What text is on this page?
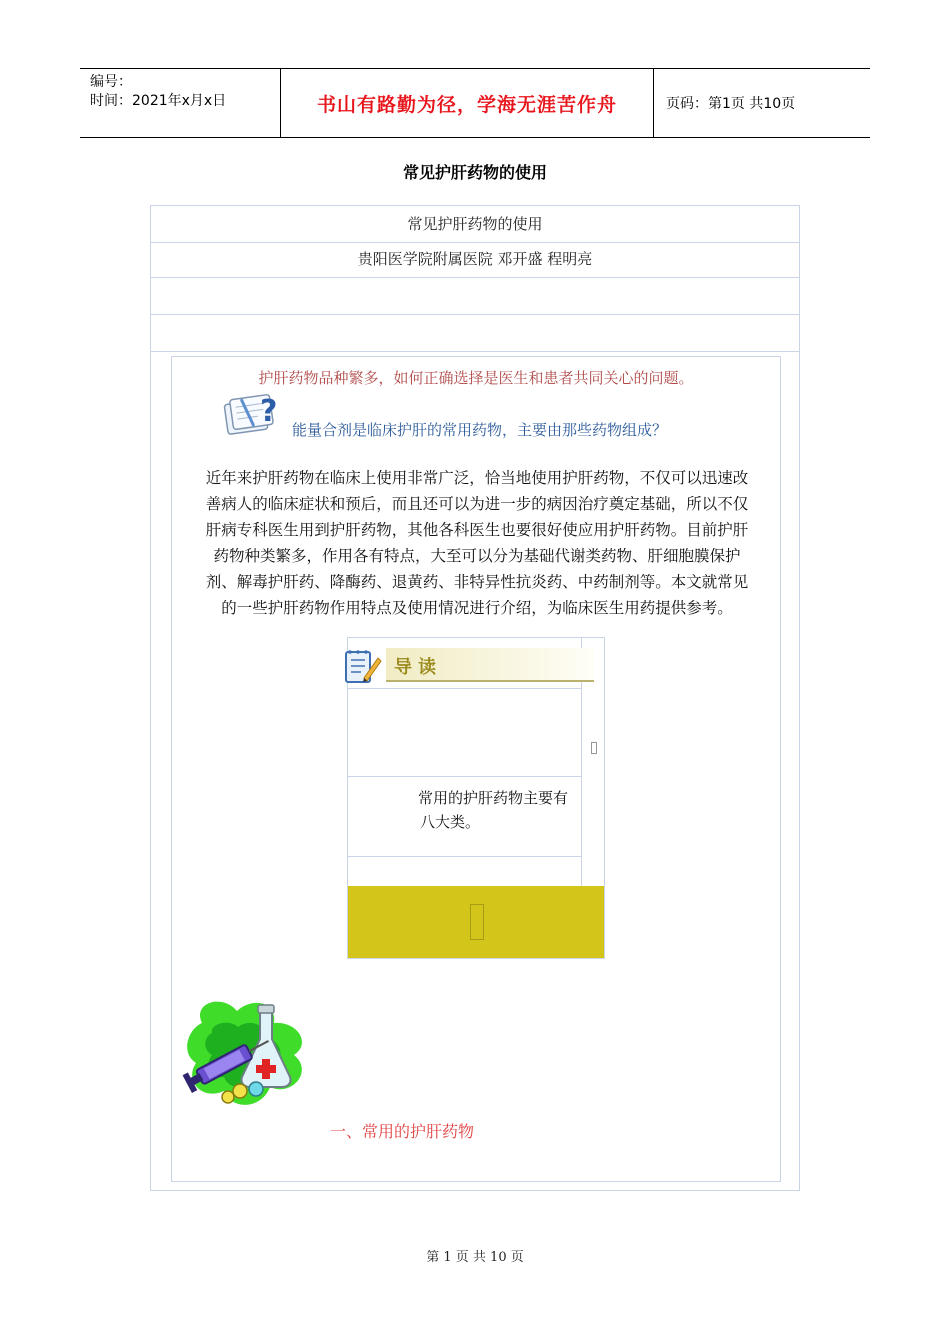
编号：
时间：2021年x月x日	书山有路勤为径，学海无涯苦作舟	页码：第1页 共10页
常见护肝药物的使用
常见护肝药物的使用
贵阳医学院附属医院 邓开盛 程明亮
护肝药物品种繁多，如何正确选择是医生和患者共同关心的问题。
?
能量合剂是临床护肝的常用药物，主要由那些药物组成？
近年来护肝药物在临床上使用非常广泛，恰当地使用护肝药物，不仅可以迅速改
善病人的临床症状和预后，而且还可以为进一步的病因治疗奠定基础，所以不仅
肝病专科医生用到护肝药物，其他各科医生也要很好使应用护肝药物。目前护肝
药物种类繁多，作用各有特点，大至可以分为基础代谢类药物、肝细胞膜保护
剂、解毒护肝药、降酶药、退黄药、非特异性抗炎药、中药制剂等。本文就常见
的一些护肝药物作用特点及使用情况进行介绍，为临床医生用药提供参考。
导读
常用的护肝药物主要有
八大类。
一、常用的护肝药物
第 1 页 共 10 页
